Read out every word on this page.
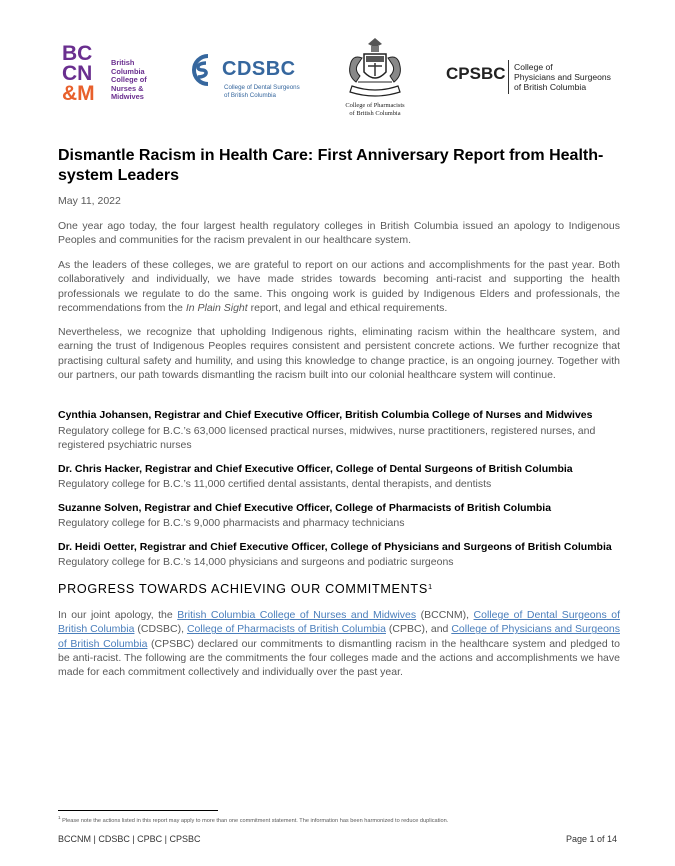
BC
CN
&M
British
Columbia
College of
Nurses &
Midwives
CDSBC
College of Dental Surgeons
of British Columbia
College of Pharmacists
of British Columbia
CPSBC College of
Physicians and Surgeons
of British Columbia
Dismantle Racism in Health Care: First Anniversary Report from Health-system Leaders
May 11, 2022
One year ago today, the four largest health regulatory colleges in British Columbia issued an apology to Indigenous Peoples and communities for the racism prevalent in our healthcare system.
As the leaders of these colleges, we are grateful to report on our actions and accomplishments for the past year. Both collaboratively and individually, we have made strides towards becoming anti-racist and supporting the health professionals we regulate to do the same. This ongoing work is guided by Indigenous Elders and professionals, the recommendations from the In Plain Sight report, and legal and ethical requirements.
Nevertheless, we recognize that upholding Indigenous rights, eliminating racism within the healthcare system, and earning the trust of Indigenous Peoples requires consistent and persistent concrete actions. We further recognize that practising cultural safety and humility, and using this knowledge to change practice, is an ongoing journey. Together with our partners, our path towards dismantling the racism built into our colonial healthcare system will continue.
Cynthia Johansen, Registrar and Chief Executive Officer, British Columbia College of Nurses and Midwives
Regulatory college for B.C.’s 63,000 licensed practical nurses, midwives, nurse practitioners, registered nurses, and registered psychiatric nurses
Dr. Chris Hacker, Registrar and Chief Executive Officer, College of Dental Surgeons of British Columbia
Regulatory college for B.C.’s 11,000 certified dental assistants, dental therapists, and dentists
Suzanne Solven, Registrar and Chief Executive Officer, College of Pharmacists of British Columbia
Regulatory college for B.C.’s 9,000 pharmacists and pharmacy technicians
Dr. Heidi Oetter, Registrar and Chief Executive Officer, College of Physicians and Surgeons of British Columbia
Regulatory college for B.C.’s 14,000 physicians and surgeons and podiatric surgeons
PROGRESS TOWARDS ACHIEVING OUR COMMITMENTS$^1$
In our joint apology, the British Columbia College of Nurses and Midwives (BCCNM), College of Dental Surgeons of British Columbia (CDSBC), College of Pharmacists of British Columbia (CPBC), and College of Physicians and Surgeons of British Columbia (CPSBC) declared our commitments to dismantling racism in the healthcare system and pledged to be anti-racist. The following are the commitments the four colleges made and the actions and accomplishments we have made for each commitment collectively and individually over the past year.
$^1$ Please note the actions listed in this report may apply to more than one commitment statement. The information has been harmonized to reduce duplication.
BCCNM | CDSBC | CPBC | CPSBC	Page 1 of 14
